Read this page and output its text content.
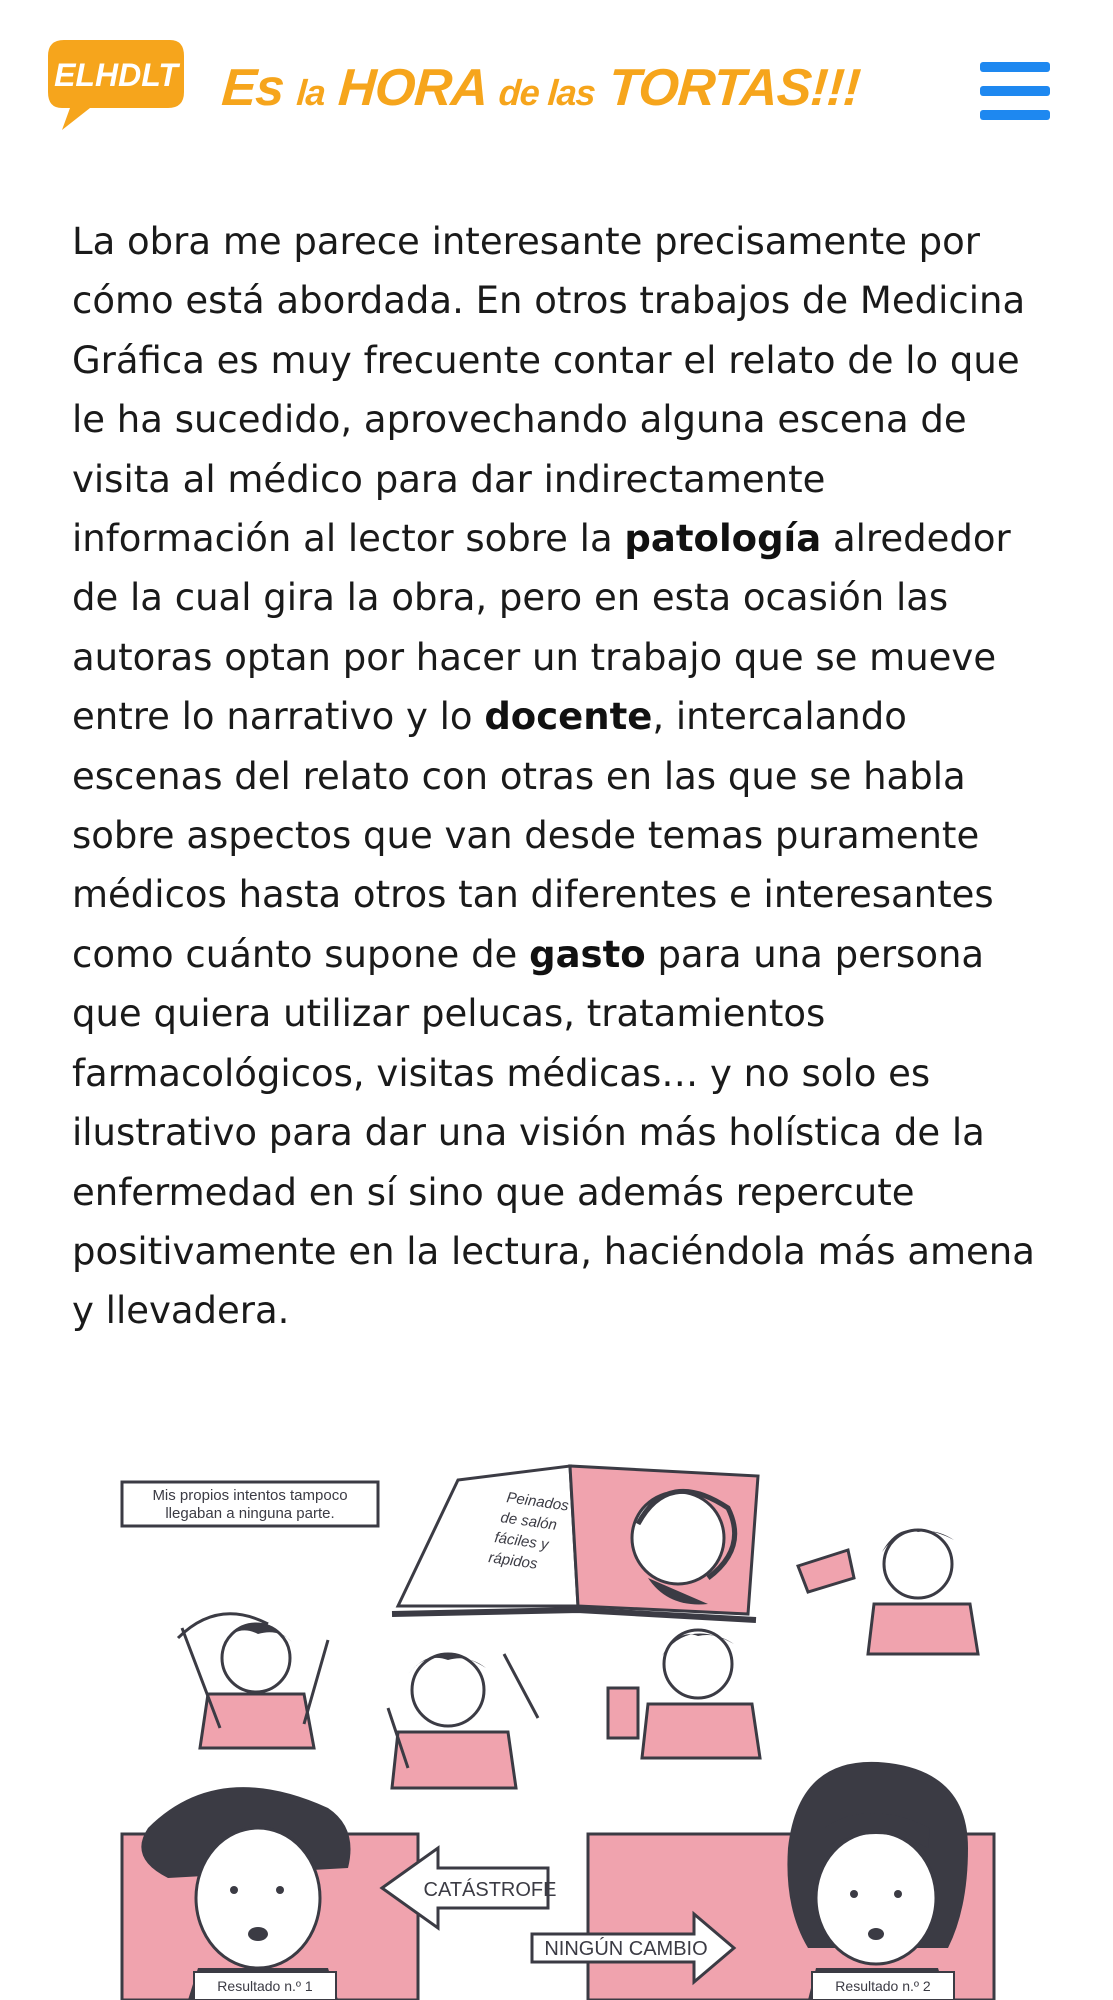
ELHDLT Es la HORA de las TORTAS!!!

La obra me parece interesante precisamente por cómo está abordada. En otros trabajos de Medicina Gráfica es muy frecuente contar el relato de lo que le ha sucedido, aprovechando alguna escena de visita al médico para dar indirectamente información al lector sobre la patología alrededor de la cual gira la obra, pero en esta ocasión las autoras optan por hacer un trabajo que se mueve entre lo narrativo y lo docente, intercalando escenas del relato con otras en las que se habla sobre aspectos que van desde temas puramente médicos hasta otros tan diferentes e interesantes como cuánto supone de gasto para una persona que quiera utilizar pelucas, tratamientos farmacológicos, visitas médicas… y no solo es ilustrativo para dar una visión más holística de la enfermedad en sí sino que además repercute positivamente en la lectura, haciéndola más amena y llevadera.

Mis propios intentos tampoco
llegaban a ninguna parte.	Peinados
de salón
fáciles y
rápidos
CATÁSTROFE
NINGÚN CAMBIO
Resultado n.º 1	Resultado n.º 2
